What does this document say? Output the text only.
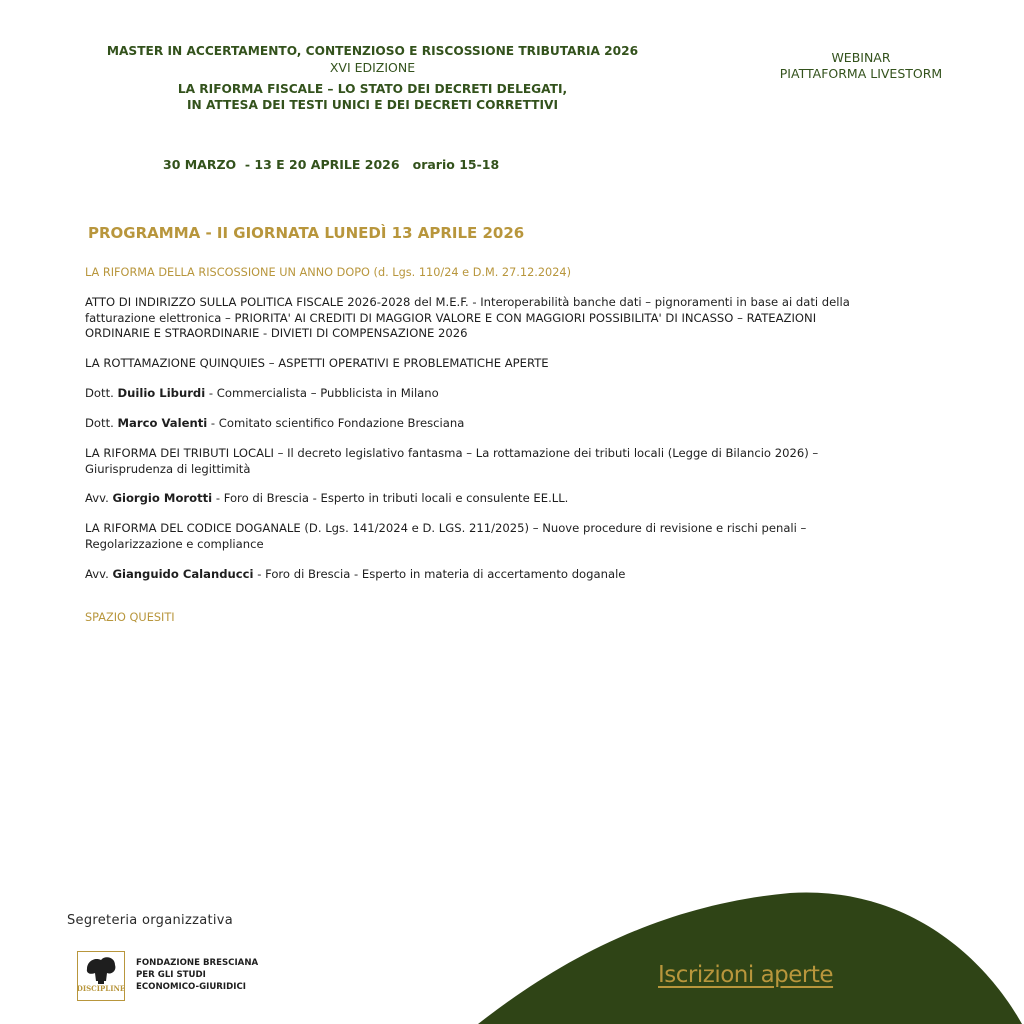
MASTER IN ACCERTAMENTO, CONTENZIOSO E RISCOSSIONE TRIBUTARIA 2026
XVI EDIZIONE
LA RIFORMA FISCALE – LO STATO DEI DECRETI DELEGATI,
IN ATTESA DEI TESTI UNICI E DEI DECRETI CORRETTIVI
WEBINAR
PIATTAFORMA LIVESTORM
30 MARZO  - 13 E 20 APRILE 2026   orario 15-18
PROGRAMMA - II GIORNATA LUNEDÌ 13 APRILE 2026
LA RIFORMA DELLA RISCOSSIONE UN ANNO DOPO (d. Lgs. 110/24 e D.M. 27.12.2024)
ATTO DI INDIRIZZO SULLA POLITICA FISCALE 2026-2028 del M.E.F. - Interoperabilità banche dati – pignoramenti in base ai dati della fatturazione elettronica – PRIORITA' AI CREDITI DI MAGGIOR VALORE E CON MAGGIORI POSSIBILITA' DI INCASSO – RATEAZIONI ORDINARIE E STRAORDINARIE - DIVIETI DI COMPENSAZIONE 2026
LA ROTTAMAZIONE QUINQUIES – ASPETTI OPERATIVI E PROBLEMATICHE APERTE
Dott. Duilio Liburdi - Commercialista – Pubblicista in Milano
Dott. Marco Valenti - Comitato scientifico Fondazione Bresciana
LA RIFORMA DEI TRIBUTI LOCALI – Il decreto legislativo fantasma – La rottamazione dei tributi locali (Legge di Bilancio 2026) – Giurisprudenza di legittimità
Avv. Giorgio Morotti - Foro di Brescia - Esperto in tributi locali e consulente EE.LL.
LA RIFORMA DEL CODICE DOGANALE (D. Lgs. 141/2024 e D. LGS. 211/2025) – Nuove procedure di revisione e rischi penali – Regolarizzazione e compliance
Avv. Gianguido Calanducci - Foro di Brescia - Esperto in materia di accertamento doganale
SPAZIO QUESITI
Segreteria organizzativa
DISCIPLINE
FONDAZIONE BRESCIANA
PER GLI STUDI
ECONOMICO-GIURIDICI	Iscrizioni aperte
